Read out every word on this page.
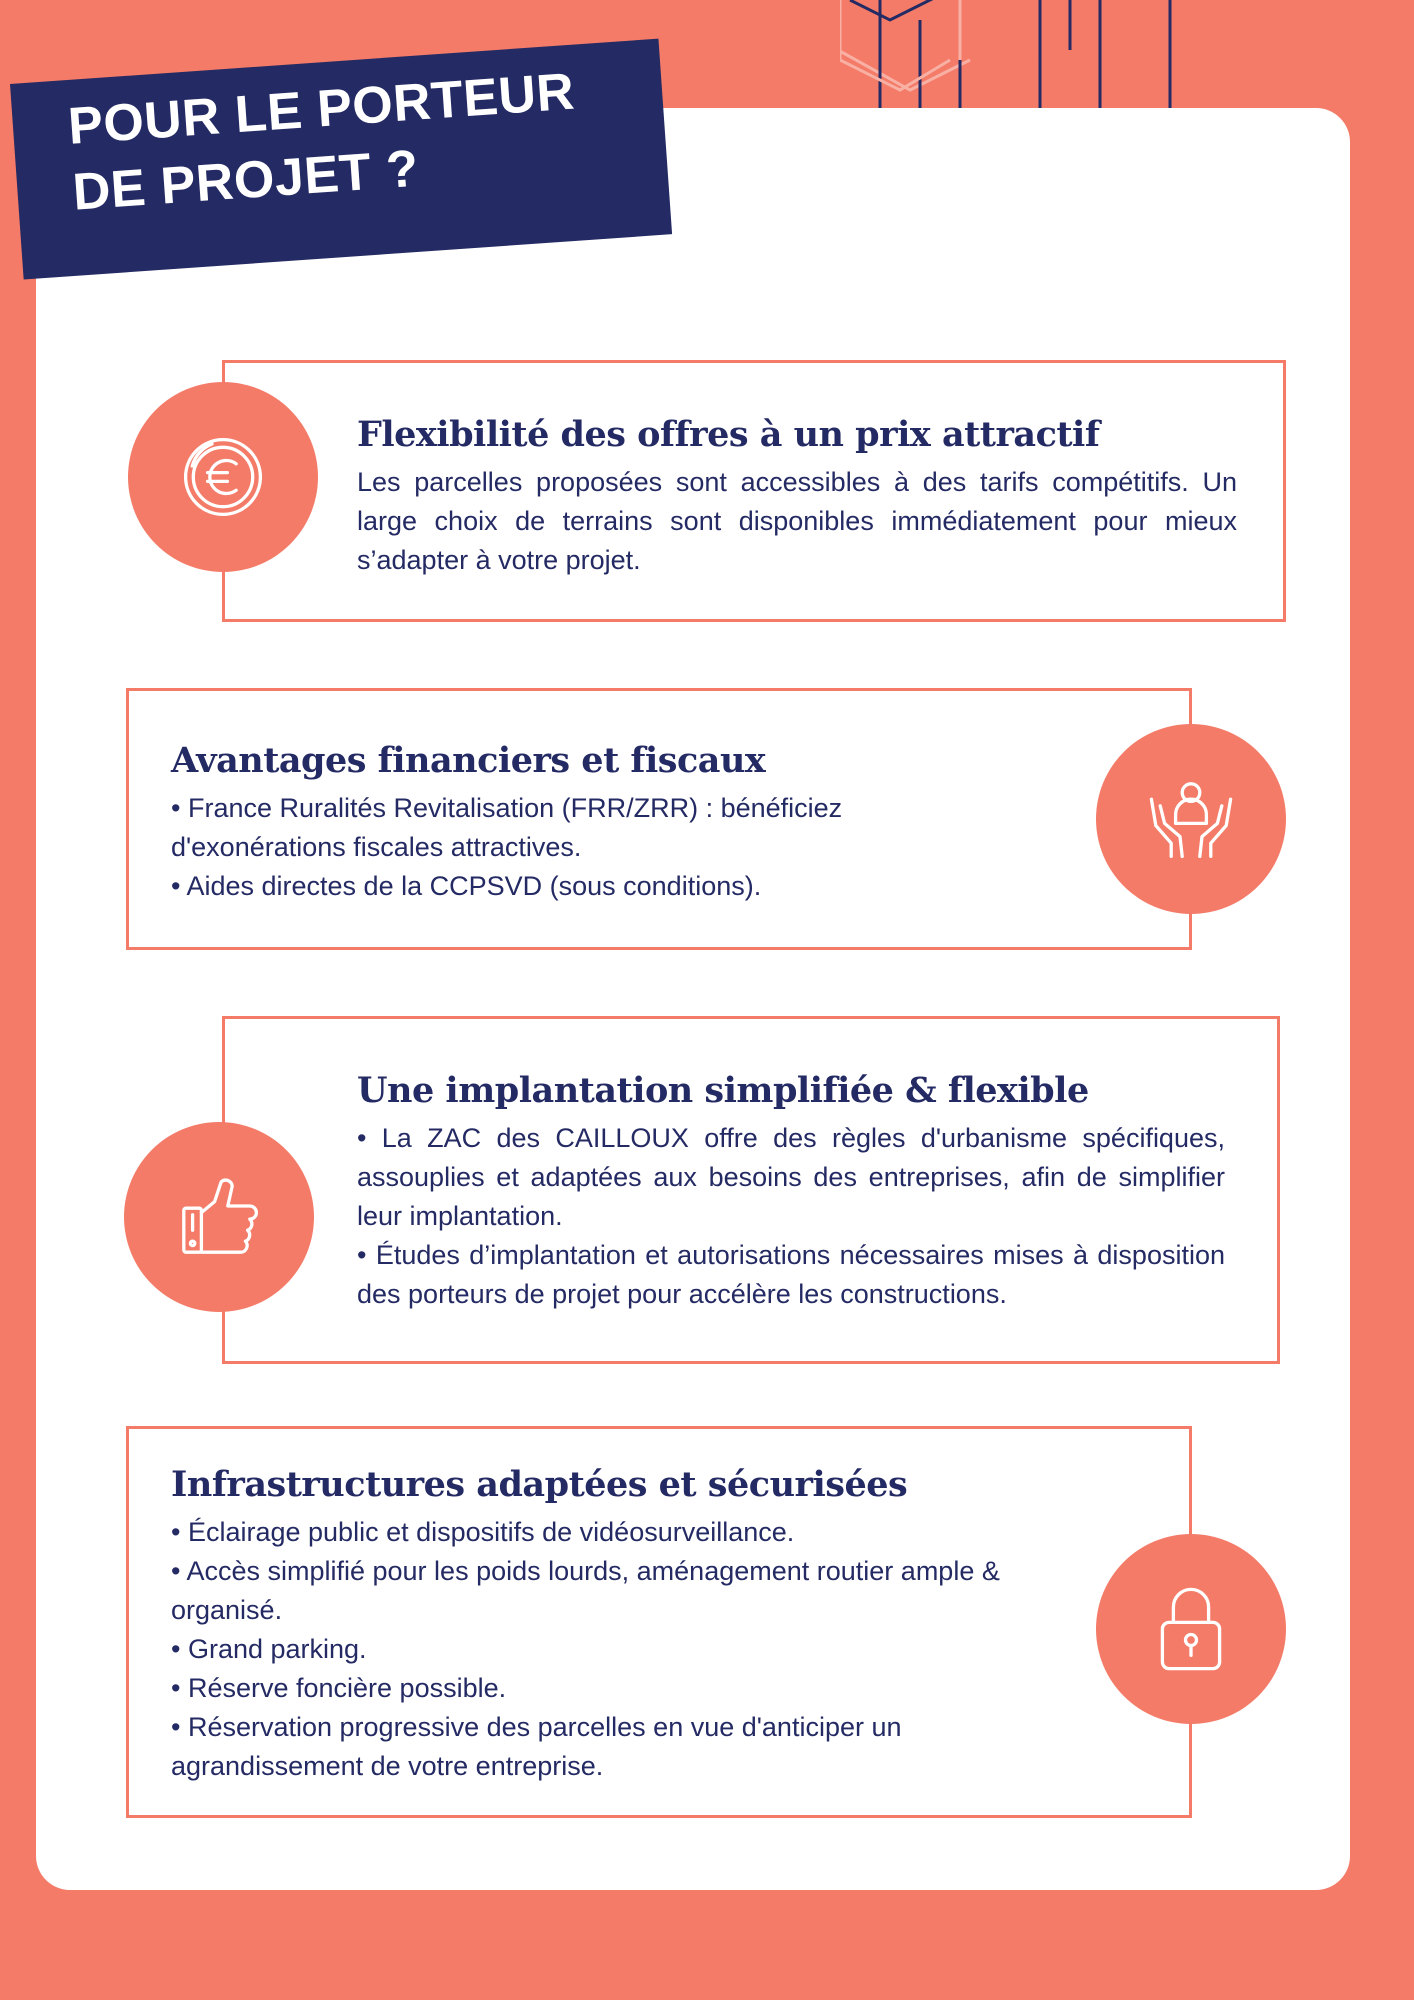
POUR LE PORTEUR
DE PROJET ?
Flexibilité des offres à un prix attractif

Les parcelles proposées sont accessibles à des tarifs compétitifs. Un large choix de terrains sont disponibles immédiatement pour mieux s’adapter à votre projet.

Avantages financiers et fiscaux

• France Ruralités Revitalisation (FRR/ZRR) : bénéficiez d'exonérations fiscales attractives.

• Aides directes de la CCPSVD (sous conditions).

Une implantation simplifiée & flexible

• La ZAC des CAILLOUX offre des règles d'urbanisme spécifiques, assouplies et adaptées aux besoins des entreprises, afin de simplifier leur implantation.

• Études d’implantation et autorisations nécessaires mises à disposition des porteurs de projet pour accélère les constructions.

Infrastructures adaptées et sécurisées

• Éclairage public et dispositifs de vidéosurveillance.

• Accès simplifié pour les poids lourds, aménagement routier ample & organisé.

• Grand parking.

• Réserve foncière possible.

• Réservation progressive des parcelles en vue d'anticiper un agrandissement de votre entreprise.
